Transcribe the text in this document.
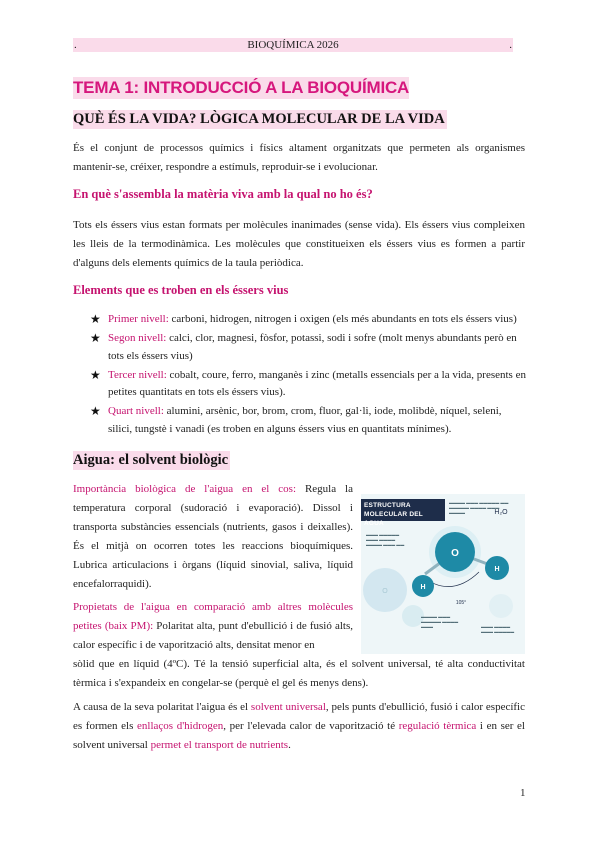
.	BIOQUÍMICA 2026	.
TEMA 1: INTRODUCCIÓ A LA BIOQUÍMICA
QUÈ ÉS LA VIDA? LÒGICA MOLECULAR DE LA VIDA
És el conjunt de processos químics i físics altament organitzats que permeten als organismes mantenir-se, créixer, respondre a estímuls, reproduir-se i evolucionar.
En què s'assembla la matèria viva amb la qual no ho és?
Tots els éssers vius estan formats per molècules inanimades (sense vida). Els éssers vius compleixen les lleis de la termodinàmica. Les molècules que constitueixen els éssers vius es formen a partir d'alguns dels elements químics de la taula periòdica.
Elements que es troben en els éssers vius
★ Primer nivell: carboni, hidrogen, nitrogen i oxigen (els més abundants en tots els éssers vius)
★ Segon nivell: calci, clor, magnesi, fòsfor, potassi, sodi i sofre (molt menys abundants però en tots els éssers vius)
★ Tercer nivell: cobalt, coure, ferro, manganès i zinc (metalls essencials per a la vida, presents en petites quantitats en tots els éssers vius).
★ Quart nivell: alumini, arsènic, bor, brom, crom, fluor, gal·li, iode, molibdè, níquel, seleni, silici, tungstè i vanadi (es troben en alguns éssers vius en quantitats mínimes).
Aigua: el solvent biològic
Importància biològica de l'aigua en el cos: Regula la temperatura corporal (sudoració i evaporació). Dissol i transporta substàncies essencials (nutrients, gasos i deixalles). És el mitjà on ocorren totes les reaccions bioquímiques. Lubrica articulacions i òrgans (líquid sinovial, saliva, líquid encefalorraquidi).
Propietats de l'aigua en comparació amb altres molècules petites (baix PM): Polaritat alta, punt d'ebullició i de fusió alts, calor específic i de vaporització alts, densitat menor en
sòlid que en líquid (4ºC). Té la tensió superficial alta, és el solvent universal, té alta conductivitat tèrmica i s'expandeix en congelar-se (perquè el gel és menys dens).
ESTRUCTURA MOLECULAR DEL AGUA
O
H
H
O
105°
H₂O
▬▬▬▬ ▬▬▬ ▬▬▬▬▬ ▬▬ ▬▬▬▬▬ ▬▬▬▬ ▬▬▬ ▬▬▬▬
▬▬▬ ▬▬▬▬▬ ▬▬▬ ▬▬▬▬ ▬▬▬▬ ▬▬▬ ▬▬
▬▬▬▬ ▬▬▬ ▬▬▬▬▬ ▬▬▬▬ ▬▬▬	▬▬▬ ▬▬▬▬ ▬▬▬ ▬▬▬▬▬
A causa de la seva polaritat l'aigua és el solvent universal, pels punts d'ebullició, fusió i calor específic es formen els enllaços d'hidrogen, per l'elevada calor de vaporització té regulació tèrmica i en ser el solvent universal permet el transport de nutrients.
1
